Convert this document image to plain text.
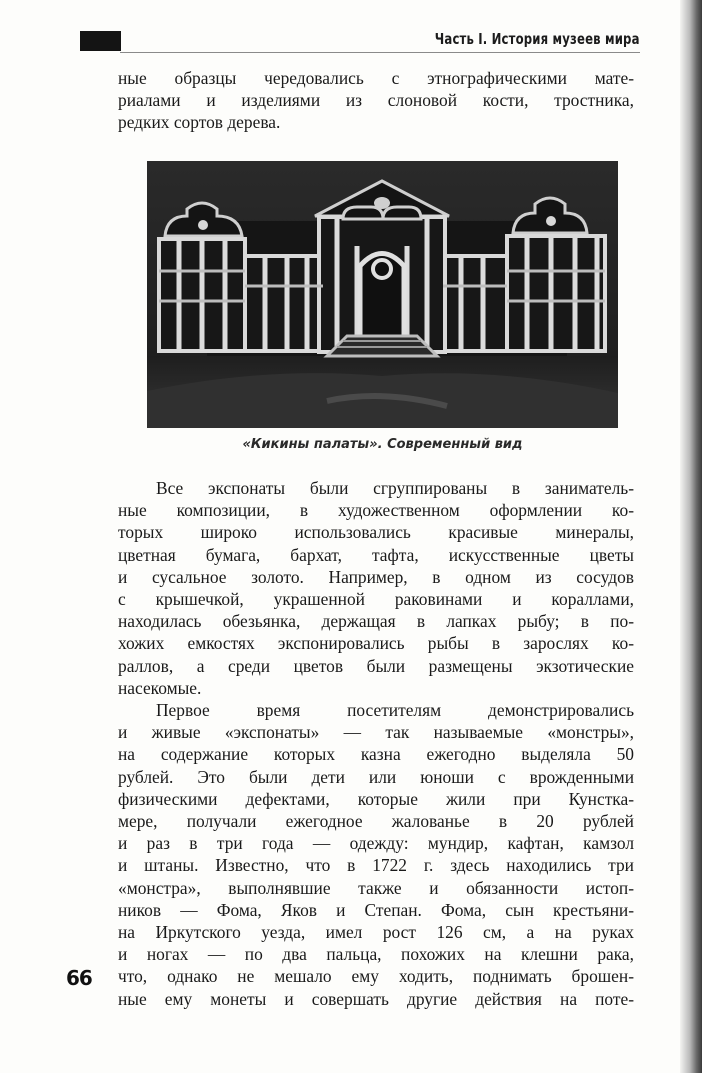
Часть I. История музеев мира
ные образцы чередовались с этнографическими мате-
риалами и изделиями из слоновой кости, тростника,
редких сортов дерева.
«Кикины палаты». Современный вид
Все экспонаты были сгруппированы в заниматель-
ные композиции, в художественном оформлении ко-
торых широко использовались красивые минералы,
цветная бумага, бархат, тафта, искусственные цветы
и сусальное золото. Например, в одном из сосудов
с крышечкой, украшенной раковинами и кораллами,
находилась обезьянка, держащая в лапках рыбу; в по-
хожих емкостях экспонировались рыбы в зарослях ко-
раллов, а среди цветов были размещены экзотические
насекомые.
Первое время посетителям демонстрировались
и живые «экспонаты» — так называемые «монстры»,
на содержание которых казна ежегодно выделяла 50
рублей. Это были дети или юноши с врожденными
физическими дефектами, которые жили при Кунстка-
мере, получали ежегодное жалованье в 20 рублей
и раз в три года — одежду: мундир, кафтан, камзол
и штаны. Известно, что в 1722 г. здесь находились три
«монстра», выполнявшие также и обязанности истоп-
ников — Фома, Яков и Степан. Фома, сын крестьяни-
на Иркутского уезда, имел рост 126 см, а на руках
и ногах — по два пальца, похожих на клешни рака,
что, однако не мешало ему ходить, поднимать брошен-
ные ему монеты и совершать другие действия на поте-
66
